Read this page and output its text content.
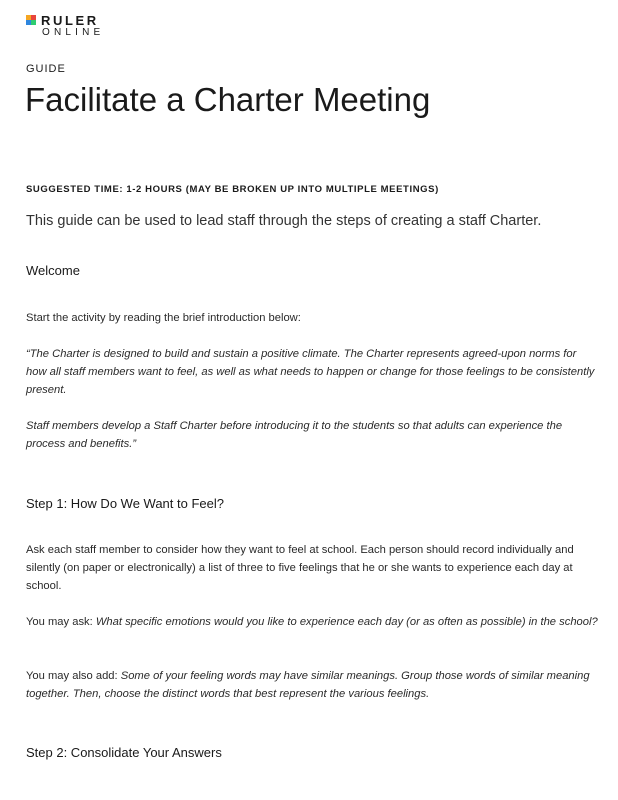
RULER
ONLINE
GUIDE
Facilitate a Charter Meeting
SUGGESTED TIME: 1-2 HOURS (MAY BE BROKEN UP INTO MULTIPLE MEETINGS)
This guide can be used to lead staff through the steps of creating a staff Charter.
Welcome

Start the activity by reading the brief introduction below:

“The Charter is designed to build and sustain a positive climate. The Charter represents agreed-upon norms for how all staff members want to feel, as well as what needs to happen or change for those feelings to be consistently present.

Staff members develop a Staff Charter before introducing it to the students so that adults can experience the process and benefits.”

Step 1: How Do We Want to Feel?

Ask each staff member to consider how they want to feel at school. Each person should record individually and silently (on paper or electronically) a list of three to five feelings that he or she wants to experience each day at school.

You may ask: What specific emotions would you like to experience each day (or as often as possible) in the school?

You may also add: Some of your feeling words may have similar meanings. Group those words of similar meaning together. Then, choose the distinct words that best represent the various feelings.

Step 2: Consolidate Your Answers
